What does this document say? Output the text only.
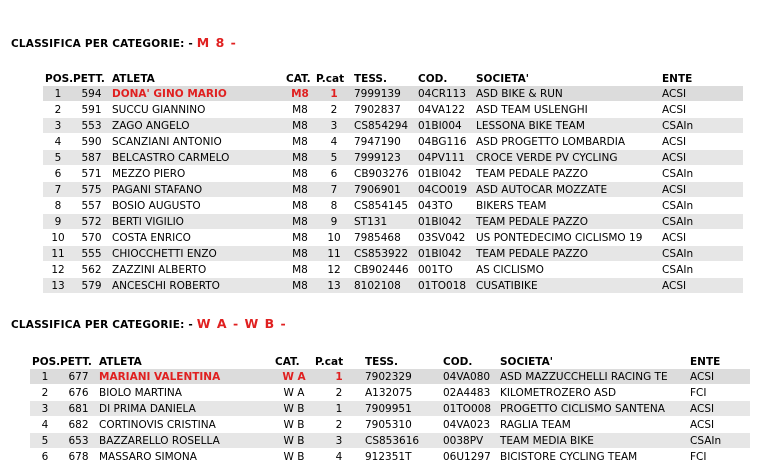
CLASSIFICA PER CATEGORIE: - M 8 -
POS.	PETT.	ATLETA	CAT.	P.cat	TESS.	COD.	SOCIETA'	ENTE
1	594	DONA' GINO MARIO	M8	1	7999139	04CR113	ASD BIKE & RUN	ACSI
2	591	SUCCU GIANNINO	M8	2	7902837	04VA122	ASD TEAM USLENGHI	ACSI
3	553	ZAGO ANGELO	M8	3	CS854294	01BI004	LESSONA BIKE TEAM	CSAIn
4	590	SCANZIANI ANTONIO	M8	4	7947190	04BG116	ASD PROGETTO LOMBARDIA	ACSI
5	587	BELCASTRO CARMELO	M8	5	7999123	04PV111	CROCE VERDE PV CYCLING	ACSI
6	571	MEZZO PIERO	M8	6	CB903276	01BI042	TEAM PEDALE PAZZO	CSAIn
7	575	PAGANI STAFANO	M8	7	7906901	04CO019	ASD AUTOCAR MOZZATE	ACSI
8	557	BOSIO AUGUSTO	M8	8	CS854145	043TO	BIKERS TEAM	CSAIn
9	572	BERTI VIGILIO	M8	9	ST131	01BI042	TEAM PEDALE PAZZO	CSAIn
10	570	COSTA ENRICO	M8	10	7985468	03SV042	US PONTEDECIMO CICLISMO 19	ACSI
11	555	CHIOCCHETTI ENZO	M8	11	CS853922	01BI042	TEAM PEDALE PAZZO	CSAIn
12	562	ZAZZINI ALBERTO	M8	12	CB902446	001TO	AS CICLISMO	CSAIn
13	579	ANCESCHI ROBERTO	M8	13	8102108	01TO018	CUSATIBIKE	ACSI
CLASSIFICA PER CATEGORIE: - W A - W B -
POS.	PETT.	ATLETA	CAT.	P.cat	TESS.	COD.	SOCIETA'	ENTE
1	677	MARIANI VALENTINA	W A	1	7902329	04VA080	ASD MAZZUCCHELLI RACING TE	ACSI
2	676	BIOLO MARTINA	W A	2	A132075	02A4483	KILOMETROZERO ASD	FCI
3	681	DI PRIMA DANIELA	W B	1	7909951	01TO008	PROGETTO CICLISMO SANTENA	ACSI
4	682	CORTINOVIS CRISTINA	W B	2	7905310	04VA023	RAGLIA TEAM	ACSI
5	653	BAZZARELLO ROSELLA	W B	3	CS853616	0038PV	TEAM MEDIA BIKE	CSAIn
6	678	MASSARO SIMONA	W B	4	912351T	06U1297	BICISTORE CYCLING TEAM	FCI
